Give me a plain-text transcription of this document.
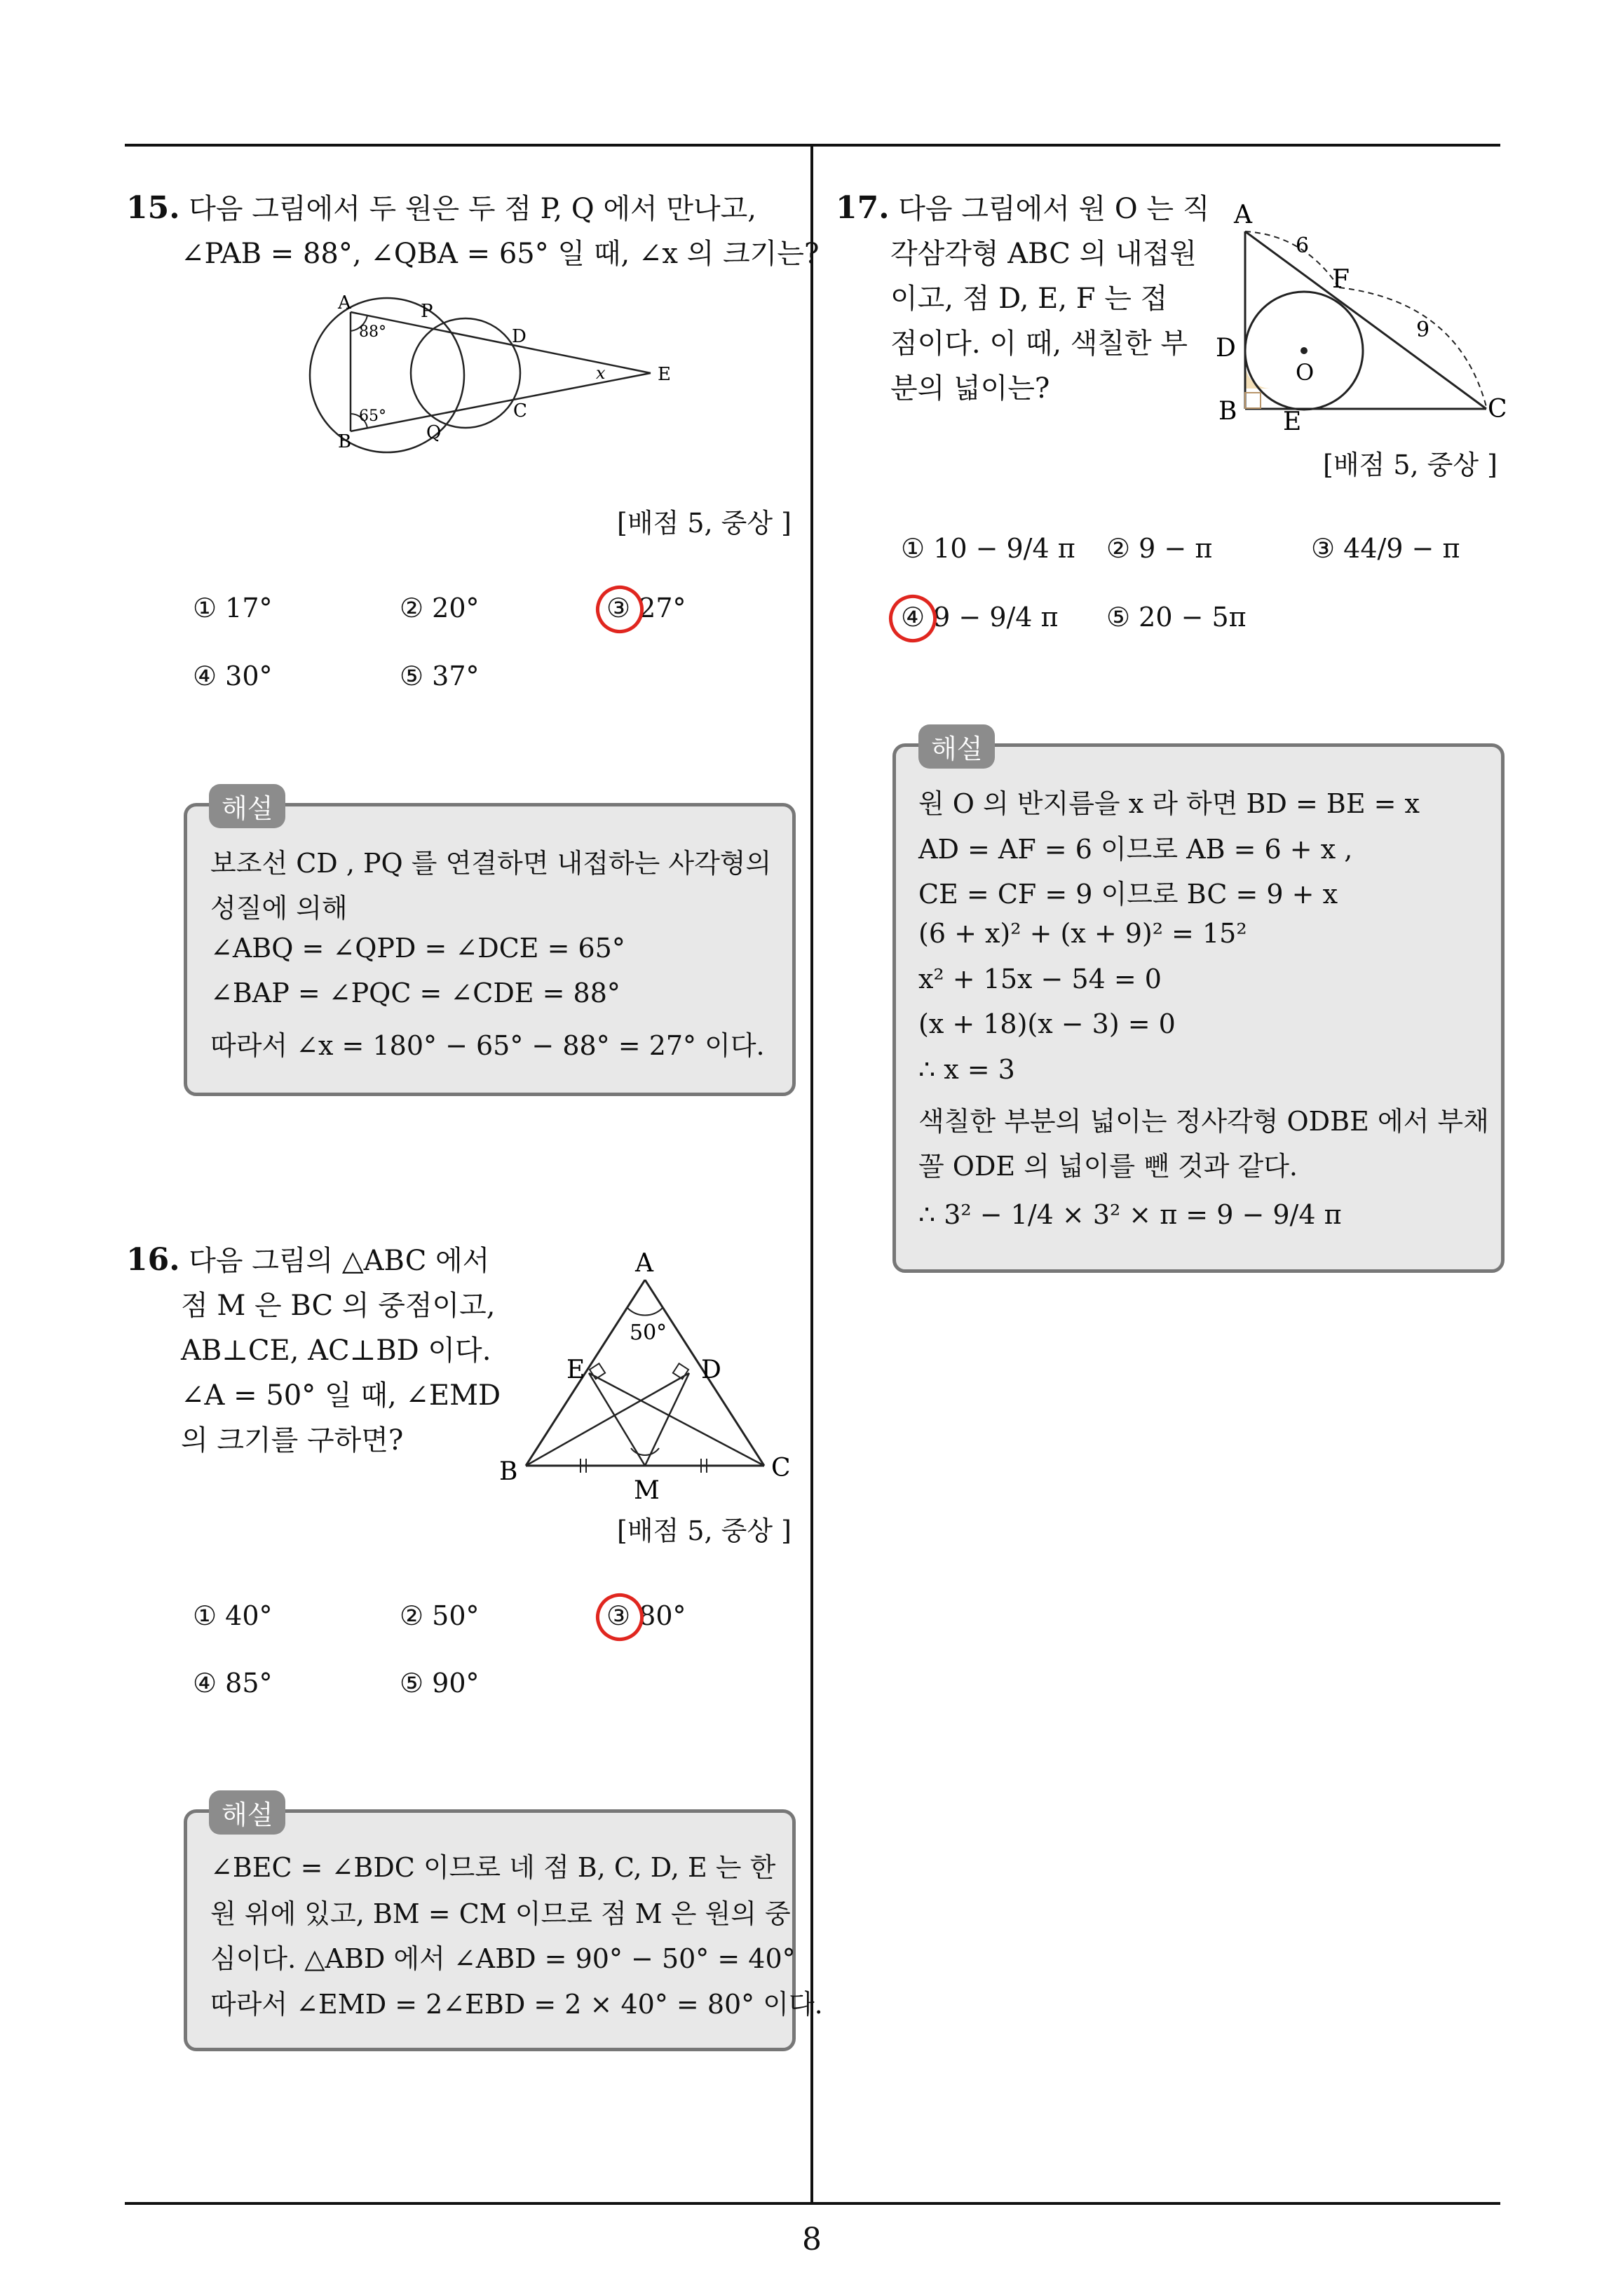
15. 다음 그림에서 두 원은 두 점 P, Q 에서 만나고,
∠PAB = 88°, ∠QBA = 65° 일 때, ∠x 의 크기는?
A	P
D
E
B	Q
C
x
88°
65°
[배점 5, 중상 ]
① 17°	② 20°	③ 27°
④ 30°	⑤ 37°
해설
보조선 CD , PQ 를 연결하면 내접하는 사각형의
성질에 의해
∠ABQ = ∠QPD = ∠DCE = 65°
∠BAP = ∠PQC = ∠CDE = 88°
따라서 ∠x = 180° − 65° − 88° = 27° 이다.
16. 다음 그림의 △ABC 에서
점 M 은 BC 의 중점이고,
AB⊥CE, AC⊥BD 이다.
∠A = 50° 일 때, ∠EMD
의 크기를 구하면?
A
50°
E	D
B	C
M
[배점 5, 중상 ]
① 40°	② 50°	③ 80°
④ 85°	⑤ 90°
해설
∠BEC = ∠BDC 이므로 네 점 B, C, D, E 는 한
원 위에 있고, BM = CM 이므로 점 M 은 원의 중
심이다. △ABD 에서 ∠ABD = 90° − 50° = 40°
따라서 ∠EMD = 2∠EBD = 2 × 40° = 80° 이다.
17. 다음 그림에서 원 O 는 직
각삼각형 ABC 의 내접원
이고, 점 D, E, F 는 접
점이다. 이 때, 색칠한 부
분의 넓이는?
A
6
F
9
D
O
B	C
E
[배점 5, 중상 ]
① 10 − 9/4 π ② 9 − π	③ 44/9 − π
④ 9 − 9/4 π ⑤ 20 − 5π
해설
원 O 의 반지름을 x 라 하면 BD = BE = x
AD = AF = 6 이므로 AB = 6 + x ,
CE = CF = 9 이므로 BC = 9 + x
(6 + x)² + (x + 9)² = 15²
x² + 15x − 54 = 0
(x + 18)(x − 3) = 0
∴ x = 3
색칠한 부분의 넓이는 정사각형 ODBE 에서 부채
꼴 ODE 의 넓이를 뺀 것과 같다.
∴ 3² − 1/4 × 3² × π = 9 − 9/4 π
8
